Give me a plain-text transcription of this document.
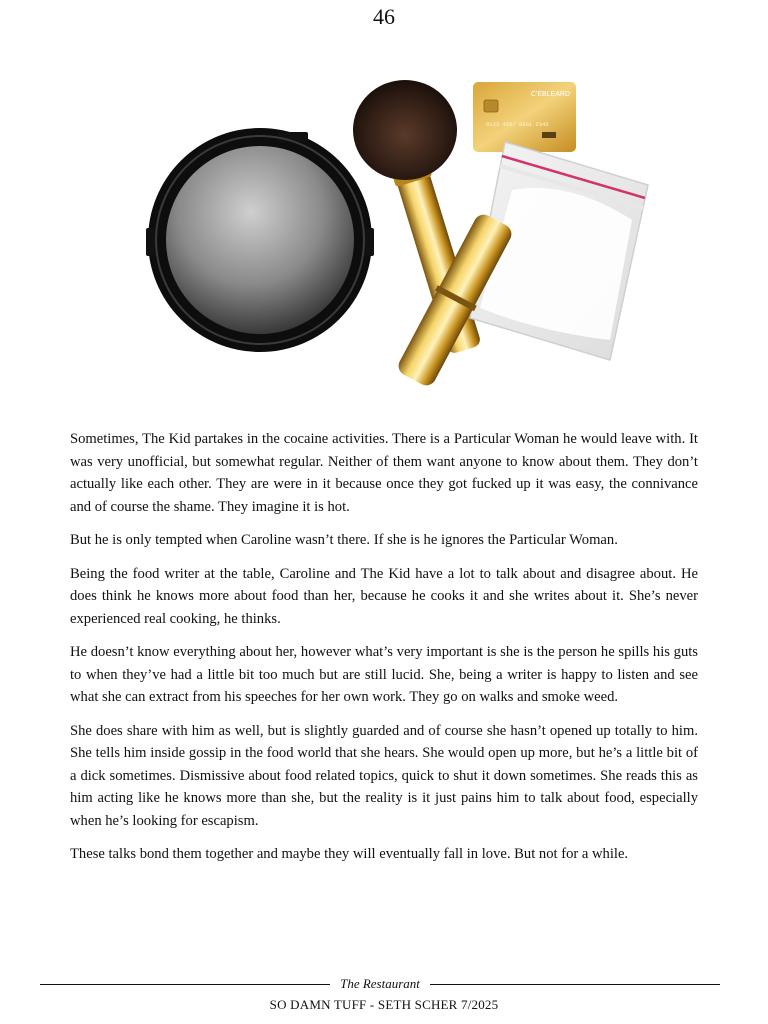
46
C'EBLEARD
0123 4567 8901 2345

Sometimes, The Kid partakes in the cocaine activities. There is a Particular Woman he would leave with. It was very unofficial, but somewhat regular. Neither of them want anyone to know about them. They don’t actually like each other. They are were in it because once they got fucked up it was easy, the connivance and of course the shame. They imagine it is hot.

But he is only tempted when Caroline wasn’t there. If she is he ignores the Particular Woman.

Being the food writer at the table, Caroline and The Kid have a lot to talk about and disagree about. He does think he knows more about food than her, because he cooks it and she writes about it. She’s never experienced real cooking, he thinks.

He doesn’t know everything about her, however what’s very important is she is the person he spills his guts to when they’ve had a little bit too much but are still lucid. She, being a writer is happy to listen and see what she can extract from his speeches for her own work. They go on walks and smoke weed.

She does share with him as well, but is slightly guarded and of course she hasn’t opened up totally to him. She tells him inside gossip in the food world that she hears. She would open up more, but he’s a little bit of a dick sometimes. Dismissive about food related topics, quick to shut it down sometimes. She reads this as him acting like he knows more than she, but the reality is it just pains him to talk about food, especially when he’s looking for escapism.

These talks bond them together and maybe they will eventually fall in love. But not for a while.

The Restaurant
SO DAMN TUFF - SETH SCHER 7/2025
